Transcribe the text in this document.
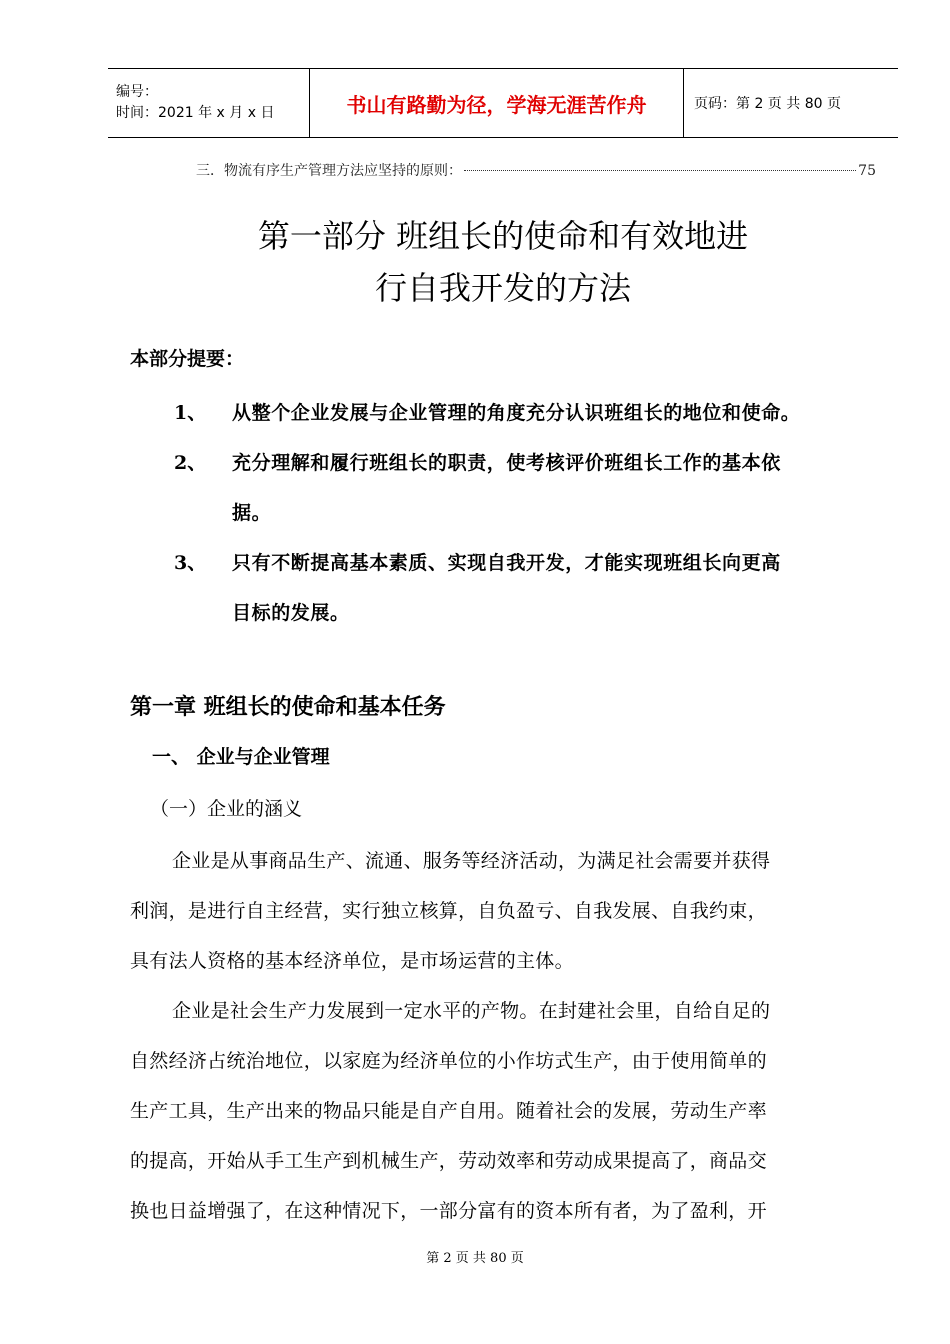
编号：
时间：2021 年 x 月 x 日	书山有路勤为径，学海无涯苦作舟	页码：第 2 页 共 80 页
三．物流有序生产管理方法应坚持的原则：	75
第一部分 班组长的使命和有效地进
行自我开发的方法
本部分提要：
1、 从整个企业发展与企业管理的角度充分认识班组长的地位和使命。
2、 充分理解和履行班组长的职责，使考核评价班组长工作的基本依
据。
3、 只有不断提高基本素质、实现自我开发，才能实现班组长向更高
目标的发展。
第一章 班组长的使命和基本任务
一、 企业与企业管理
（一）企业的涵义
企业是从事商品生产、流通、服务等经济活动，为满足社会需要并获得
利润，是进行自主经营，实行独立核算，自负盈亏、自我发展、自我约束，
具有法人资格的基本经济单位，是市场运营的主体。
企业是社会生产力发展到一定水平的产物。在封建社会里，自给自足的
自然经济占统治地位，以家庭为经济单位的小作坊式生产，由于使用简单的
生产工具，生产出来的物品只能是自产自用。随着社会的发展，劳动生产率
的提高，开始从手工生产到机械生产，劳动效率和劳动成果提高了，商品交
换也日益增强了，在这种情况下，一部分富有的资本所有者，为了盈利，开
第 2 页 共 80 页
